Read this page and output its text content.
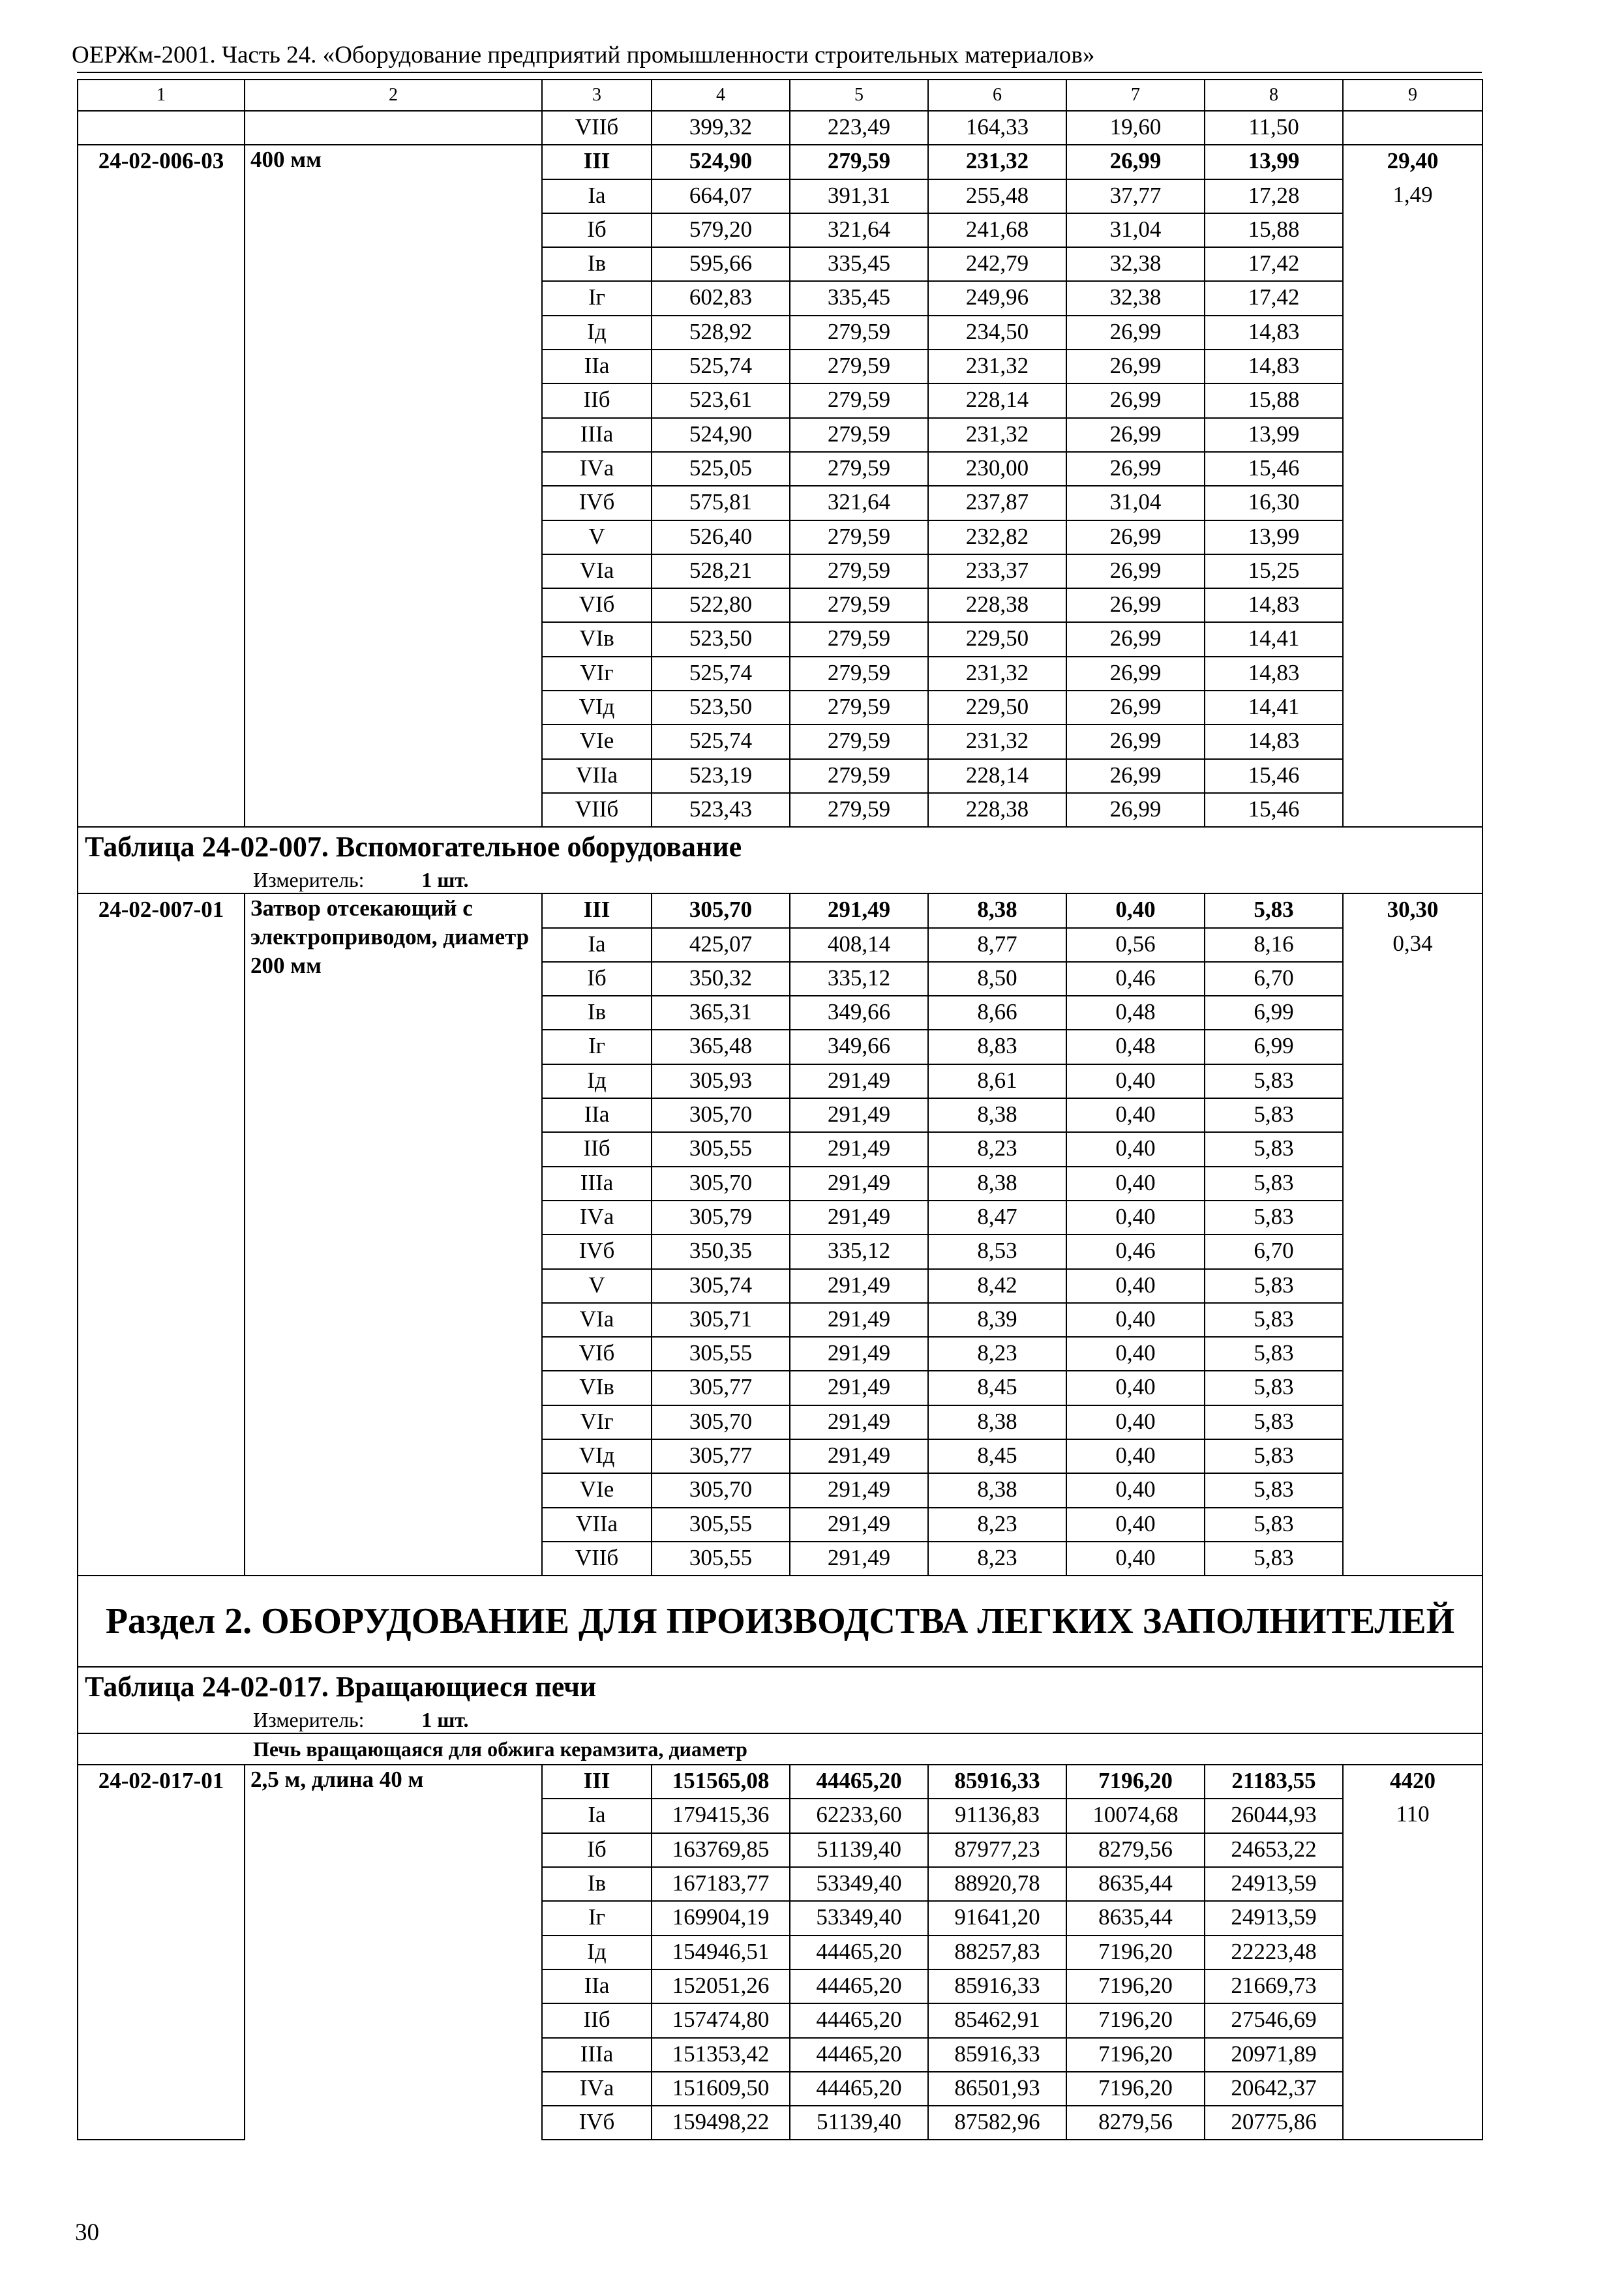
ОЕРЖм-2001. Часть 24. «Оборудование предприятий промышленности строительных материалов»
1	2	3	4	5	6	7	8	9
		VIIб	399,32	223,49	164,33	19,60	11,50	
24-02-006-03	400 мм	III	524,90	279,59	231,32	26,99	13,99	29,40
		Iа	664,07	391,31	255,48	37,77	17,28	1,49
		Iб	579,20	321,64	241,68	31,04	15,88	
		Iв	595,66	335,45	242,79	32,38	17,42	
		Iг	602,83	335,45	249,96	32,38	17,42	
		Iд	528,92	279,59	234,50	26,99	14,83	
		IIа	525,74	279,59	231,32	26,99	14,83	
		IIб	523,61	279,59	228,14	26,99	15,88	
		IIIа	524,90	279,59	231,32	26,99	13,99	
		IVа	525,05	279,59	230,00	26,99	15,46	
		IVб	575,81	321,64	237,87	31,04	16,30	
		V	526,40	279,59	232,82	26,99	13,99	
		VIа	528,21	279,59	233,37	26,99	15,25	
		VIб	522,80	279,59	228,38	26,99	14,83	
		VIв	523,50	279,59	229,50	26,99	14,41	
		VIг	525,74	279,59	231,32	26,99	14,83	
		VIд	523,50	279,59	229,50	26,99	14,41	
		VIе	525,74	279,59	231,32	26,99	14,83	
		VIIа	523,19	279,59	228,14	26,99	15,46	
		VIIб	523,43	279,59	228,38	26,99	15,46	
Таблица 24-02-007. Вспомогательное оборудование								

Измеритель: 1 шт.								

24-02-007-01	Затвор отсекающий с электроприводом, диаметр 200 мм	III	305,70	291,49	8,38	0,40	5,83	30,30
		Iа	425,07	408,14	8,77	0,56	8,16	0,34
		Iб	350,32	335,12	8,50	0,46	6,70	
		Iв	365,31	349,66	8,66	0,48	6,99	
		Iг	365,48	349,66	8,83	0,48	6,99	
		Iд	305,93	291,49	8,61	0,40	5,83	
		IIа	305,70	291,49	8,38	0,40	5,83	
		IIб	305,55	291,49	8,23	0,40	5,83	
		IIIа	305,70	291,49	8,38	0,40	5,83	
		IVа	305,79	291,49	8,47	0,40	5,83	
		IVб	350,35	335,12	8,53	0,46	6,70	
		V	305,74	291,49	8,42	0,40	5,83	
		VIа	305,71	291,49	8,39	0,40	5,83	
		VIб	305,55	291,49	8,23	0,40	5,83	
		VIв	305,77	291,49	8,45	0,40	5,83	
		VIг	305,70	291,49	8,38	0,40	5,83	
		VIд	305,77	291,49	8,45	0,40	5,83	
		VIе	305,70	291,49	8,38	0,40	5,83	
		VIIа	305,55	291,49	8,23	0,40	5,83	
		VIIб	305,55	291,49	8,23	0,40	5,83	
Раздел 2. ОБОРУДОВАНИЕ ДЛЯ ПРОИЗВОДСТВА ЛЕГКИХ ЗАПОЛНИТЕЛЕЙ								
Таблица 24-02-017. Вращающиеся печи								

Измеритель: 1 шт.								

Печь вращающаяся для обжига керамзита, диаметр								

24-02-017-01	2,5 м, длина 40 м	III	151565,08	44465,20	85916,33	7196,20	21183,55	4420
		Iа	179415,36	62233,60	91136,83	10074,68	26044,93	110
		Iб	163769,85	51139,40	87977,23	8279,56	24653,22	
		Iв	167183,77	53349,40	88920,78	8635,44	24913,59	
		Iг	169904,19	53349,40	91641,20	8635,44	24913,59	
		Iд	154946,51	44465,20	88257,83	7196,20	22223,48	
		IIа	152051,26	44465,20	85916,33	7196,20	21669,73	
		IIб	157474,80	44465,20	85462,91	7196,20	27546,69	
		IIIа	151353,42	44465,20	85916,33	7196,20	20971,89	
		IVа	151609,50	44465,20	86501,93	7196,20	20642,37	
		IVб	159498,22	51139,40	87582,96	8279,56	20775,86	
30
